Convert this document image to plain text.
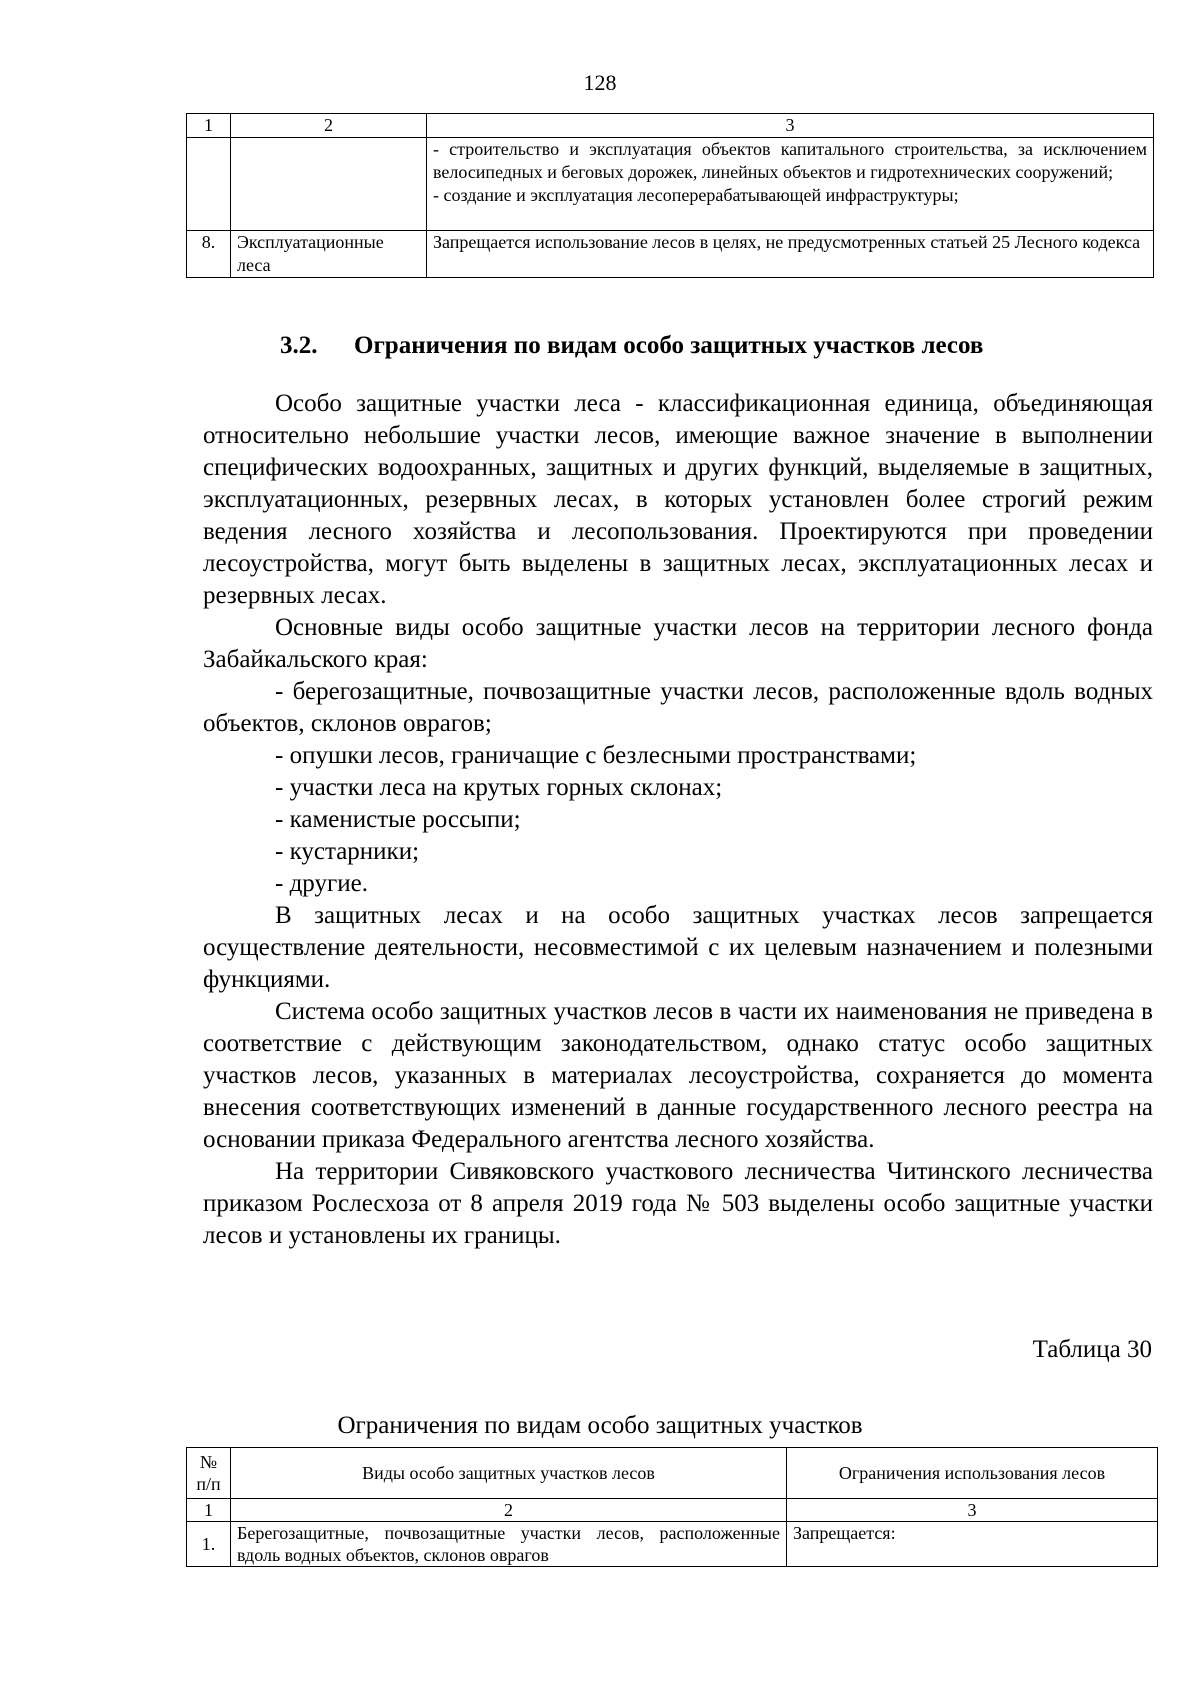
128
1	2	3

		- строительство и эксплуатация объектов капитального строительства, за исключением велосипедных и беговых дорожек, линейных объектов и гидротехнических сооружений;

- создание и эксплуатация лесоперерабатывающей инфраструктуры;

8.	Эксплуатационные леса	Запрещается использование лесов в целях, не предусмотренных статьей 25 Лесного кодекса

3.2. Ограничения по видам особо защитных участков лесов

Особо защитные участки леса - классификационная единица, объединяющая относительно небольшие участки лесов, имеющие важное значение в выполнении специфических водоохранных, защитных и других функций, выделяемые в защитных, эксплуатационных, резервных лесах, в которых установлен более строгий режим ведения лесного хозяйства и лесопользования. Проектируются при проведении лесоустройства, могут быть выделены в защитных лесах, эксплуатационных лесах и резервных лесах.

Основные виды особо защитные участки лесов на территории лесного фонда Забайкальского края:

- берегозащитные, почвозащитные участки лесов, расположенные вдоль водных объектов, склонов оврагов;

- опушки лесов, граничащие с безлесными пространствами;

- участки леса на крутых горных склонах;

- каменистые россыпи;

- кустарники;

- другие.

В защитных лесах и на особо защитных участках лесов запрещается осуществление деятельности, несовместимой с их целевым назначением и полезными функциями.

Система особо защитных участков лесов в части их наименования не приведена в соответствие с действующим законодательством, однако статус особо защитных участков лесов, указанных в материалах лесоустройства, сохраняется до момента внесения соответствующих изменений в данные государственного лесного реестра на основании приказа Федерального агентства лесного хозяйства.

На территории Сивяковского участкового лесничества Читинского лесничества приказом Рослесхоза от 8 апреля 2019 года № 503 выделены особо защитные участки лесов и установлены их границы.

Таблица 30
Ограничения по видам особо защитных участков
№ п/п	Виды особо защитных участков лесов	Ограничения использования лесов
1	2	3
1.	Берегозащитные, почвозащитные участки лесов, расположенные вдоль водных объектов, склонов оврагов	Запрещается:
